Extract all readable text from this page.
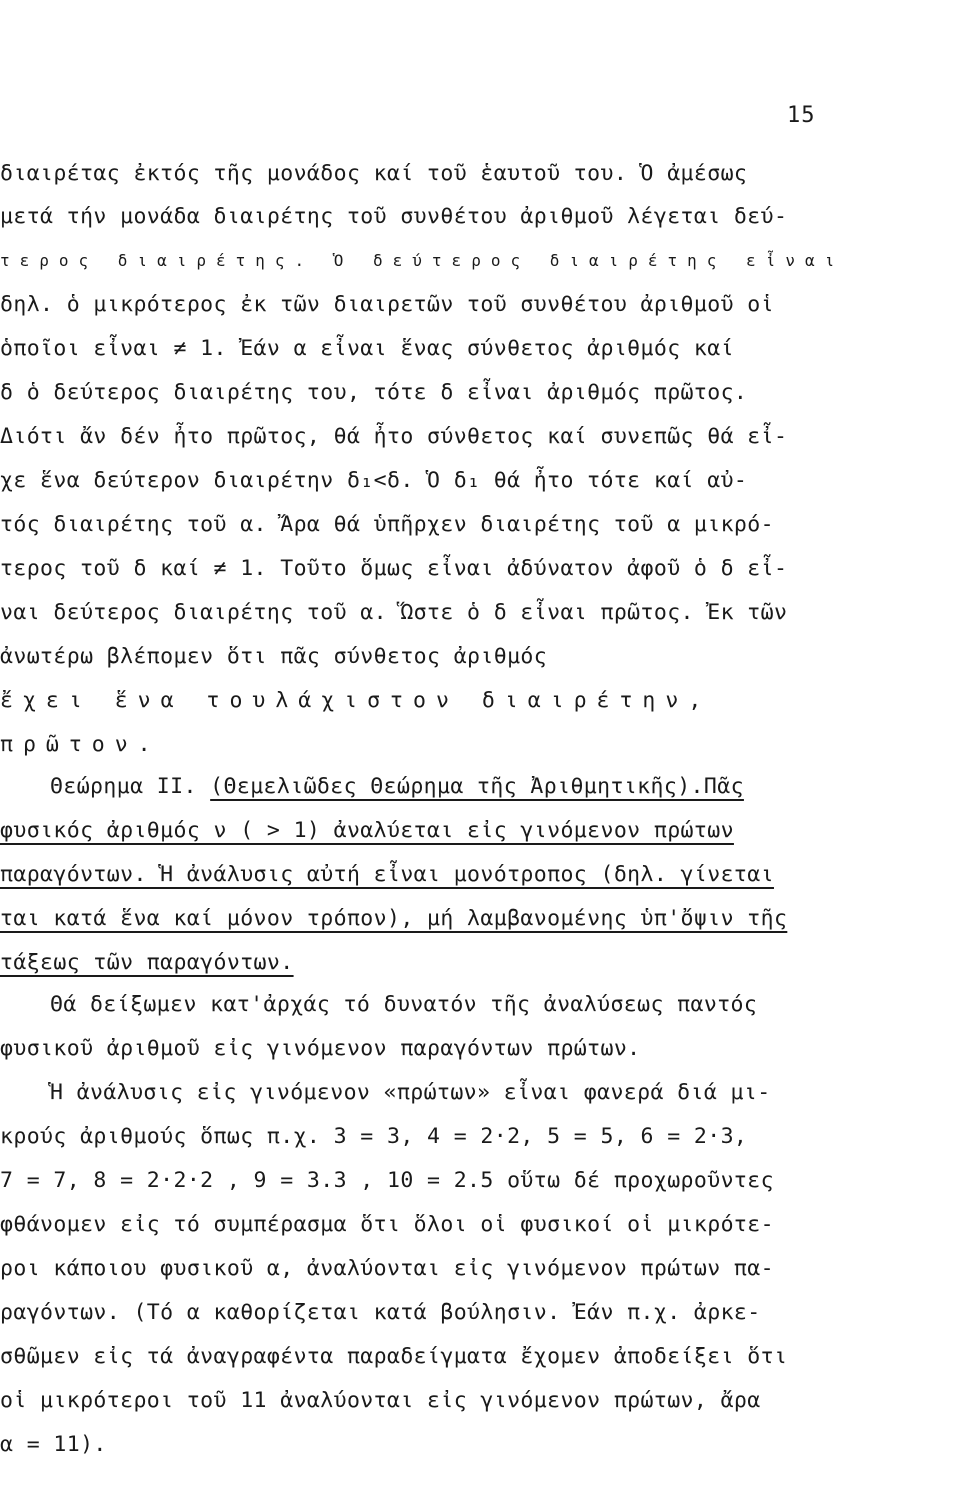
15
διαιρέτας ἐκτός τῆς μονάδος καί τοῦ ἑαυτοῦ του. Ὁ ἀμέσως
μετά τήν μονάδα διαιρέτης τοῦ συνθέτου ἀριθμοῦ λέγεται δεύ-
τερος διαιρέτης. Ὁ δεύτερος διαιρέτης εἶναι
δηλ. ὁ μικρότερος ἐκ τῶν διαιρετῶν τοῦ συνθέτου ἀριθμοῦ οἱ
ὁποῖοι εἶναι ≠ 1. Ἐάν α εἶναι ἕνας σύνθετος ἀριθμός καί
δ ὁ δεύτερος διαιρέτης του, τότε δ εἶναι ἀριθμός πρῶτος.
Διότι ἄν δέν ἦτο πρῶτος, θά ἦτο σύνθετος καί συνεπῶς θά εἶ-
χε ἕνα δεύτερον διαιρέτην δ₁<δ. Ὁ δ₁ θά ἦτο τότε καί αὐ-
τός διαιρέτης τοῦ α. Ἄρα θά ὑπῆρχεν διαιρέτης τοῦ α μικρό-
τερος τοῦ δ καί ≠ 1. Τοῦτο ὅμως εἶναι ἀδύνατον ἀφοῦ ὁ δ εἶ-
ναι δεύτερος διαιρέτης τοῦ α. Ὥστε ὁ δ εἶναι πρῶτος. Ἐκ τῶν
ἀνωτέρω βλέπομεν ὅτι πᾶς σύνθετος ἀριθμός
ἔχει ἕνα τουλάχιστον διαιρέτην,
πρῶτον.
Θεώρημα II. (Θεμελιῶδες Θεώρημα τῆς Ἀριθμητικῆς).Πᾶς
φυσικός ἀριθμός ν ( > 1) ἀναλύεται εἰς γινόμενον πρώτων
παραγόντων. Ἡ ἀνάλυσις αὐτή εἶναι μονότροπος (δηλ. γίνεται
ται κατά ἕνα καί μόνον τρόπον), μή λαμβανομένης ὑπ'ὄψιν τῆς
τάξεως τῶν παραγόντων.
Θά δείξωμεν κατ'ἀρχάς τό δυνατόν τῆς ἀναλύσεως παντός
φυσικοῦ ἀριθμοῦ εἰς γινόμενον παραγόντων πρώτων.
Ἡ ἀνάλυσις εἰς γινόμενον «πρώτων» εἶναι φανερά διά μι-
κρούς ἀριθμούς ὅπως π.χ. 3 = 3, 4 = 2·2, 5 = 5, 6 = 2·3,
7 = 7, 8 = 2·2·2 , 9 = 3.3 , 10 = 2.5 οὕτω δέ προχωροῦντες
φθάνομεν εἰς τό συμπέρασμα ὅτι ὅλοι οἱ φυσικοί οἱ μικρότε-
ροι κάποιου φυσικοῦ α, ἀναλύονται εἰς γινόμενον πρώτων πα-
ραγόντων. (Τό α καθορίζεται κατά βούλησιν. Ἐάν π.χ. ἀρκε-
σθῶμεν εἰς τά ἀναγραφέντα παραδείγματα ἔχομεν ἀποδείξει ὅτι
οἱ μικρότεροι τοῦ 11 ἀναλύονται εἰς γινόμενον πρώτων, ἄρα
α = 11).
